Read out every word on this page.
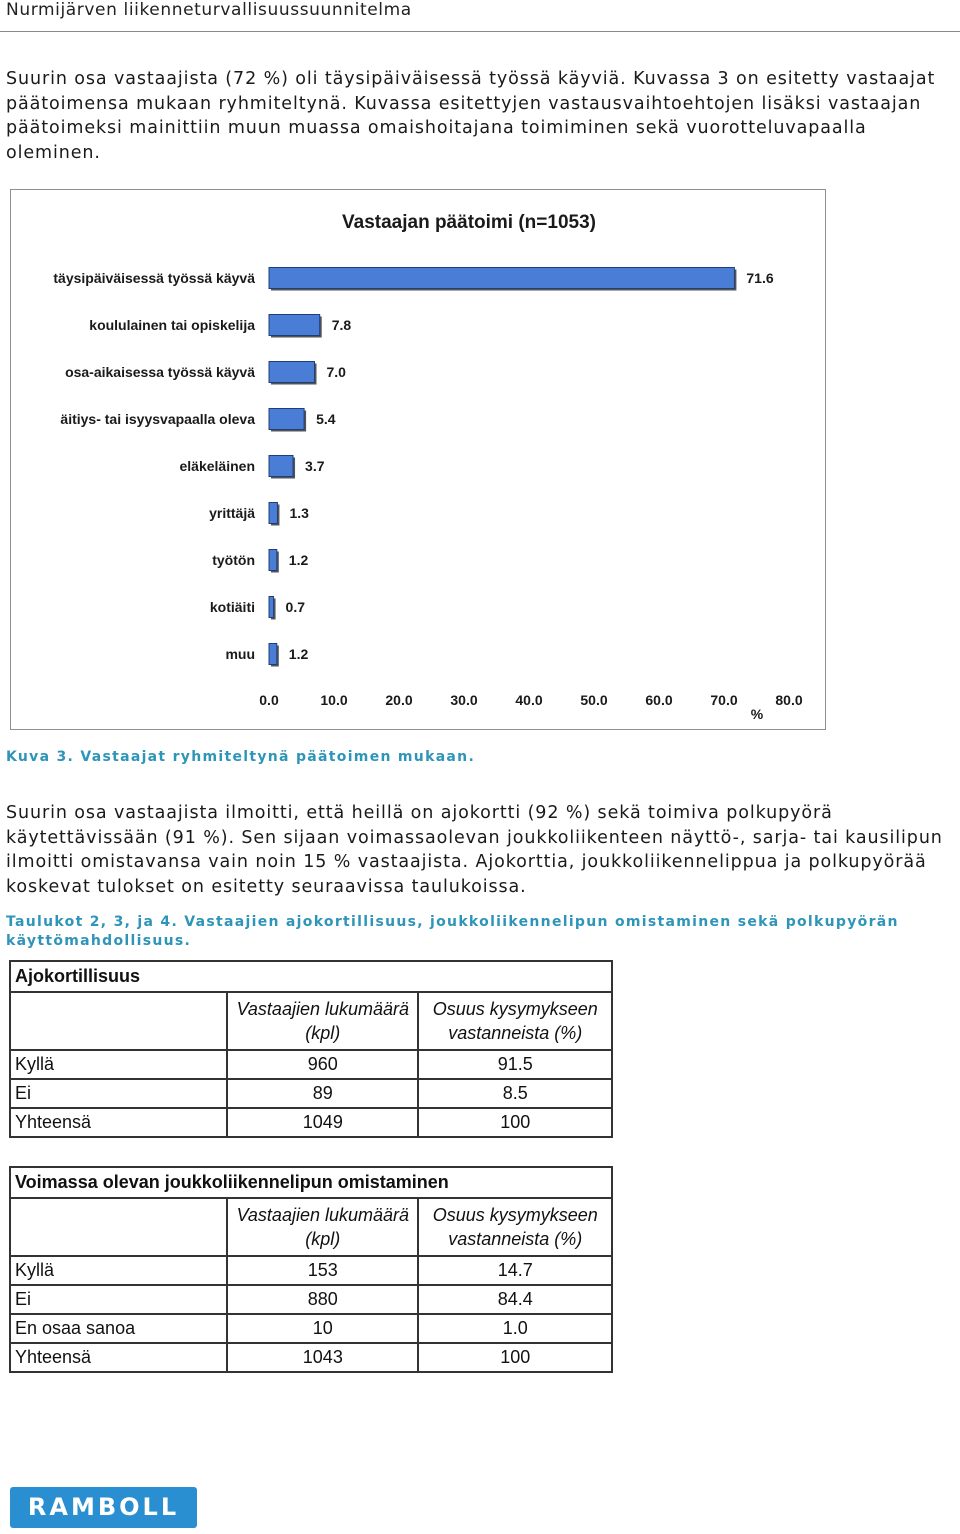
Nurmijärven liikenneturvallisuussuunnitelma
Suurin osa vastaajista (72 %) oli täysipäiväisessä työssä käyviä. Kuvassa 3 on esitetty vastaajat päätoimensa mukaan ryhmiteltynä. Kuvassa esitettyjen vastausvaihtoehtojen lisäksi vastaajan päätoimeksi mainittiin muun muassa omaishoitajana toimiminen sekä vuorotteluvapaalla oleminen.
Vastaajan päätoimi (n=1053)
täysipäiväisessä työssä käyvä	71.6
koululainen tai opiskelija	7.8
osa-aikaisessa työssä käyvä	7.0
äitiys- tai isyysvapaalla oleva	5.4
eläkeläinen	3.7
yrittäjä 1.3
työtön 1.2
kotiäiti 0.7
muu 1.2
0.0	10.0	20.0	30.0	40.0	50.0	60.0	70.0	80.0
%
Kuva 3. Vastaajat ryhmiteltynä päätoimen mukaan.
Suurin osa vastaajista ilmoitti, että heillä on ajokortti (92 %) sekä toimiva polkupyörä käytettävissään (91 %). Sen sijaan voimassaolevan joukkoliikenteen näyttö-, sarja- tai kausilipun ilmoitti omistavansa vain noin 15 % vastaajista. Ajokorttia, joukkoliikennelippua ja polkupyörää koskevat tulokset on esitetty seuraavissa taulukoissa.
Taulukot 2, 3, ja 4. Vastaajien ajokortillisuus, joukkoliikennelipun omistaminen sekä polkupyörän käyttömahdollisuus.
Ajokortillisuus		
	Vastaajien lukumäärä (kpl)	Osuus kysymykseen vastanneista (%)
Kyllä	960	91.5
Ei	89	8.5
Yhteensä	1049	100
Voimassa olevan joukkoliikennelipun omistaminen		
	Vastaajien lukumäärä (kpl)	Osuus kysymykseen vastanneista (%)
Kyllä	153	14.7
Ei	880	84.4
En osaa sanoa	10	1.0
Yhteensä	1043	100
RAMBOLL
